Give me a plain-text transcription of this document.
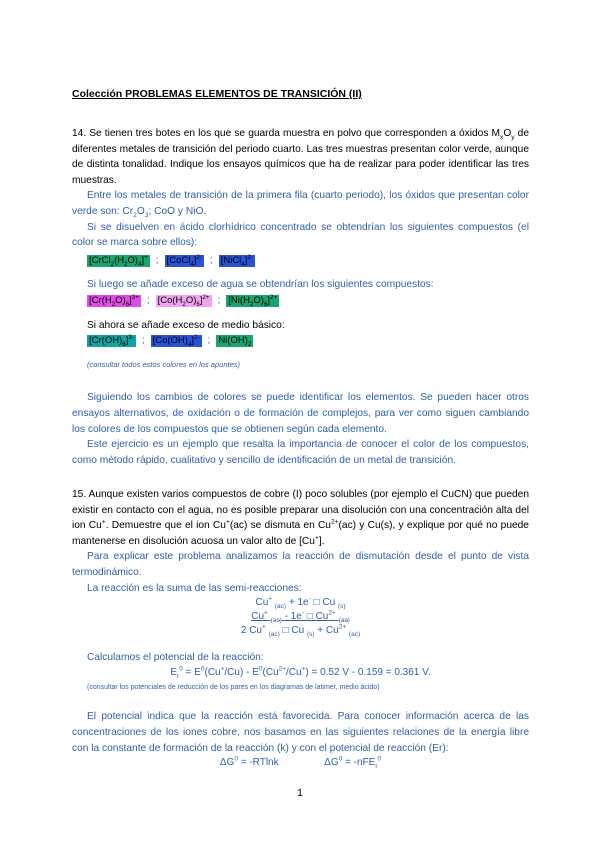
Colección PROBLEMAS ELEMENTOS DE TRANSICIÓN (II)

14. Se tienen tres botes en los que se guarda muestra en polvo que corresponden a óxidos $M_xO_y$ de diferentes metales de transición del periodo cuarto. Las tres muestras presentan color verde, aunque de distinta tonalidad. Indique los ensayos químicos que ha de realizar para poder identificar las tres muestras.

Entre los metales de transición de la primera fila (cuarto periodo), los óxidos que presentan color verde son: $Cr_2O_3$; CoO y NiO.

Si se disuelven en ácido clorhídrico concentrado se obtendrían los siguientes compuestos (el color se marca sobre ellos):

$[CrCl_2(H_2O)_4]^+$ ; [CoCl$_4$]$^{2-}$ ; [NiCl$_4$]$^{2-}$

Si luego se añade exceso de agua se obtendrían los siguientes compuestos:

$[Cr(H_2O)_6]^{3+}$ ; $[Co(H_2O)_6]^{2+}$ ; $[Ni(H_2O)_6]^{2+}$

Si ahora se añade exceso de medio básico:

$[Cr(OH)_6]^{3-}$ ; $[Co(OH)_4]^{2-}$ ; $Ni(OH)_2$

(consultar todos estos colores en los apuntes)

Siguiendo los cambios de colores se puede identificar los elementos. Se pueden hacer otros ensayos alternativos, de oxidación o de formación de complejos, para ver como siguen cambiando los colores de los compuestos que se obtienen según cada elemento.

Este ejercicio es un ejemplo que resalta la importancia de conocer el color de los compuestos, como método rápido, cualitativo y sencillo de identificación de un metal de transición.

15. Aunque existen varios compuestos de cobre (I) poco solubles (por ejemplo el CuCN) que pueden existir en contacto con el agua, no es posible preparar una disolución con una concentración alta del ion Cu+. Demuestre que el ion Cu+(ac) se dismuta en $Cu^{2+}(ac)$ y Cu(s), y explique por qué no puede mantenerse en disolución acuosa un valor alto de [Cu+].

Para explicar este problema analizamos la reacción de dismutación desde el punto de vista termodinámico.

La reacción es la suma de las semi-reacciones:

Cu+ $_{(ac)}$ + 1e- □ Cu $_{(s)}$
Cu+ $_{(ac)}$ - 1e- □ $Cu^{2+}$ $_{(ac)}$
2 Cu+ $_{(ac)}$ □ Cu $_{(s)} + Cu^{2+}$ $_{(ac)}$

Calculamos el potencial de la reacción:

$E_r^0 = E^0(Cu^+/Cu) - E^0(Cu^{2+}/Cu^+) = 0.52$ V - 0.159 = 0.361 V.

(consultar los potenciales de reducción de los pares en los diagramas de latimer, medio ácido)

El potencial indica que la reacción está favorecida. Para conocer información acerca de las concentraciones de los iones cobre, nos basamos en las siguientes relaciones de la energía libre con la constante de formación de la reacción (k) y con el potencial de reacción (Er):

$\Delta G^0 = -RTlnk$	$\Delta G^0 = -nFE_r^0$
1
